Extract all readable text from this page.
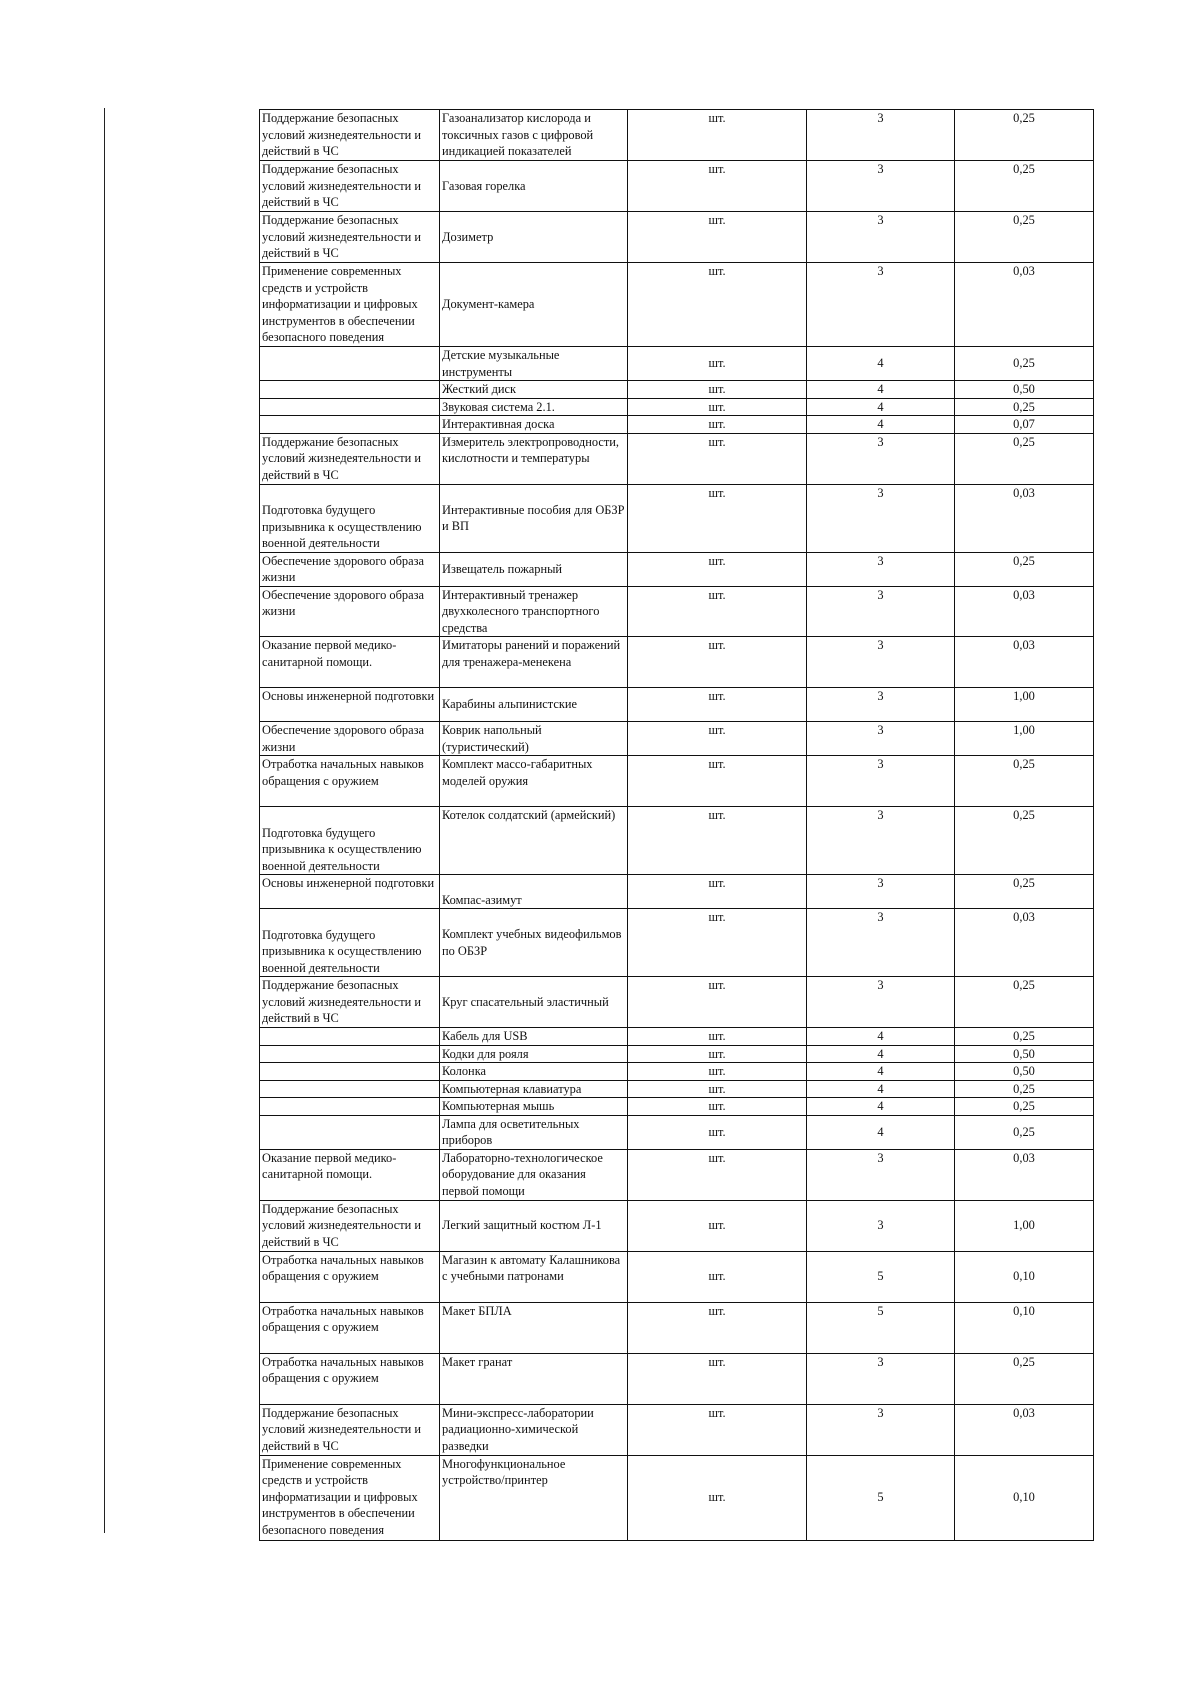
Поддержание безопасных условий жизнедеятельности и действий в ЧС	Газоанализатор кислорода и токсичных газов с цифровой индикацией показателей	шт.	3	0,25
Поддержание безопасных условий жизнедеятельности и действий в ЧС	Газовая горелка	шт.	3	0,25
Поддержание безопасных условий жизнедеятельности и действий в ЧС	Дозиметр	шт.	3	0,25
Применение современных средств и устройств информатизации и цифровых инструментов в обеспечении безопасного поведения	Документ-камера	шт.	3	0,03
	Детские музыкальные инструменты	шт.	4	0,25
	Жесткий диск	шт.	4	0,50
	Звуковая система 2.1.	шт.	4	0,25
	Интерактивная доска	шт.	4	0,07
Поддержание безопасных условий жизнедеятельности и действий в ЧС	Измеритель электропроводности, кислотности и температуры	шт.	3	0,25
Подготовка будущего призывника к осуществлению военной деятельности	Интерактивные пособия для ОБЗР и ВП	шт.	3	0,03
Обеспечение здорового образа жизни	Извещатель пожарный	шт.	3	0,25
Обеспечение здорового образа жизни	Интерактивный тренажер двухколесного транспортного средства	шт.	3	0,03
Оказание первой медико-санитарной помощи.	Имитаторы ранений и поражений для тренажера-менекена	шт.	3	0,03
Основы инженерной подготовки	Карабины альпинистские	шт.	3	1,00
Обеспечение здорового образа жизни	Коврик напольный (туристический)	шт.	3	1,00
Отработка начальных навыков обращения с оружием	Комплект массо-габаритных моделей оружия	шт.	3	0,25
Подготовка будущего призывника к осуществлению военной деятельности	Котелок солдатский (армейский)	шт.	3	0,25
Основы инженерной подготовки	Компас-азимут	шт.	3	0,25
Подготовка будущего призывника к осуществлению военной деятельности	Комплект учебных видеофильмов по ОБЗР	шт.	3	0,03
Поддержание безопасных условий жизнедеятельности и действий в ЧС	Круг спасательный эластичный	шт.	3	0,25
	Кабель для USB	шт.	4	0,25
	Кодки для рояля	шт.	4	0,50
	Колонка	шт.	4	0,50
	Компьютерная клавиатура	шт.	4	0,25
	Компьютерная мышь	шт.	4	0,25
	Лампа для осветительных приборов	шт.	4	0,25
Оказание первой медико-санитарной помощи.	Лабораторно-технологическое оборудование для оказания первой помощи	шт.	3	0,03
Поддержание безопасных условий жизнедеятельности и действий в ЧС	Легкий защитный костюм Л-1	шт.	3	1,00
Отработка начальных навыков обращения с оружием	Магазин к автомату Калашникова с учебными патронами	шт.	5	0,10
Отработка начальных навыков обращения с оружием	Макет БПЛА	шт.	5	0,10
Отработка начальных навыков обращения с оружием	Макет гранат	шт.	3	0,25
Поддержание безопасных условий жизнедеятельности и действий в ЧС	Мини-экспресс-лаборатории радиационно-химической разведки	шт.	3	0,03
Применение современных средств и устройств информатизации и цифровых инструментов в обеспечении безопасного поведения	Многофункциональное устройство/принтер	шт.	5	0,10
